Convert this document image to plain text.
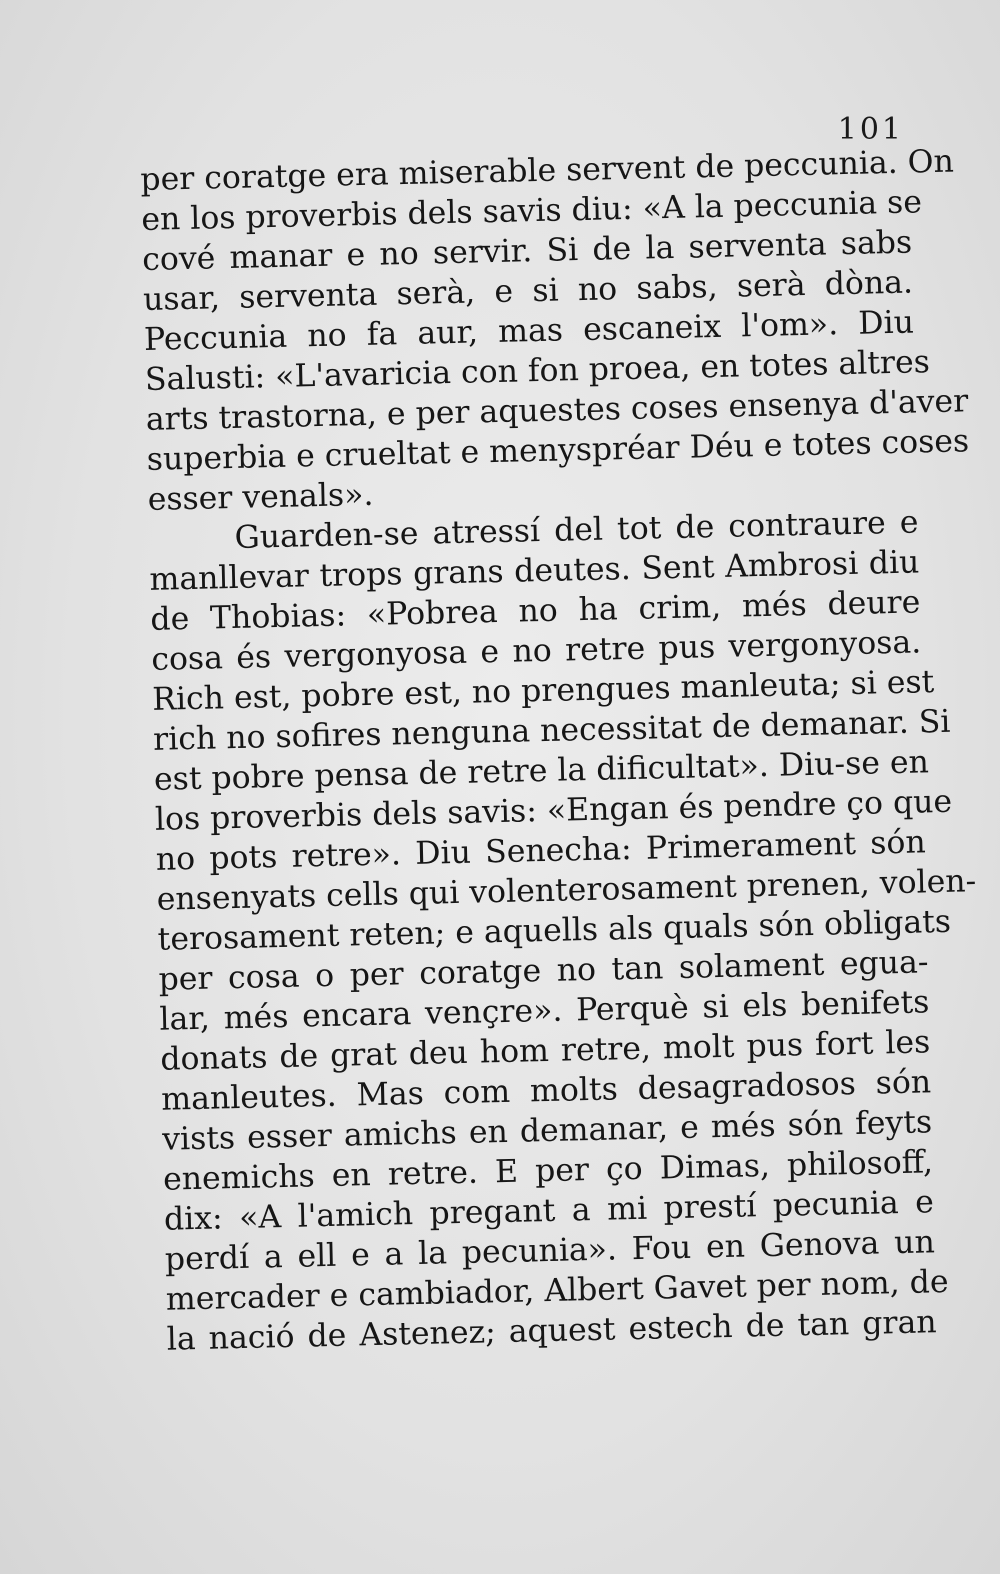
101

per coratge era miserable servent de peccunia. On
en los proverbis dels savis diu: «A la peccunia se
cové manar e no servir. Si de la serventa sabs
usar, serventa serà, e si no sabs, serà dòna.
Peccunia no fa aur, mas escaneix l'om». Diu
Salusti: «L'avaricia con fon proea, en totes altres
arts trastorna, e per aquestes coses ensenya d'aver
superbia e crueltat e menyspréar Déu e totes coses
esser venals».
Guarden-se atressí del tot de contraure e
manllevar trops grans deutes. Sent Ambrosi diu
de Thobias: «Pobrea no ha crim, més deure
cosa és vergonyosa e no retre pus vergonyosa.
Rich est, pobre est, no prengues manleuta; si est
rich no sofires nenguna necessitat de demanar. Si
est pobre pensa de retre la dificultat». Diu-se en
los proverbis dels savis: «Engan és pendre ço que
no pots retre». Diu Senecha: Primerament són
ensenyats cells qui volenterosament prenen, volen-
terosament reten; e aquells als quals són obligats
per cosa o per coratge no tan solament egua-
lar, més encara vençre». Perquè si els benifets
donats de grat deu hom retre, molt pus fort les
manleutes. Mas com molts desagradosos són
vists esser amichs en demanar, e més són feyts
enemichs en retre. E per ço Dimas, philosoff,
dix: «A l'amich pregant a mi prestí pecunia e
perdí a ell e a la pecunia». Fou en Genova un
mercader e cambiador, Albert Gavet per nom, de
la nació de Astenez; aquest estech de tan gran
